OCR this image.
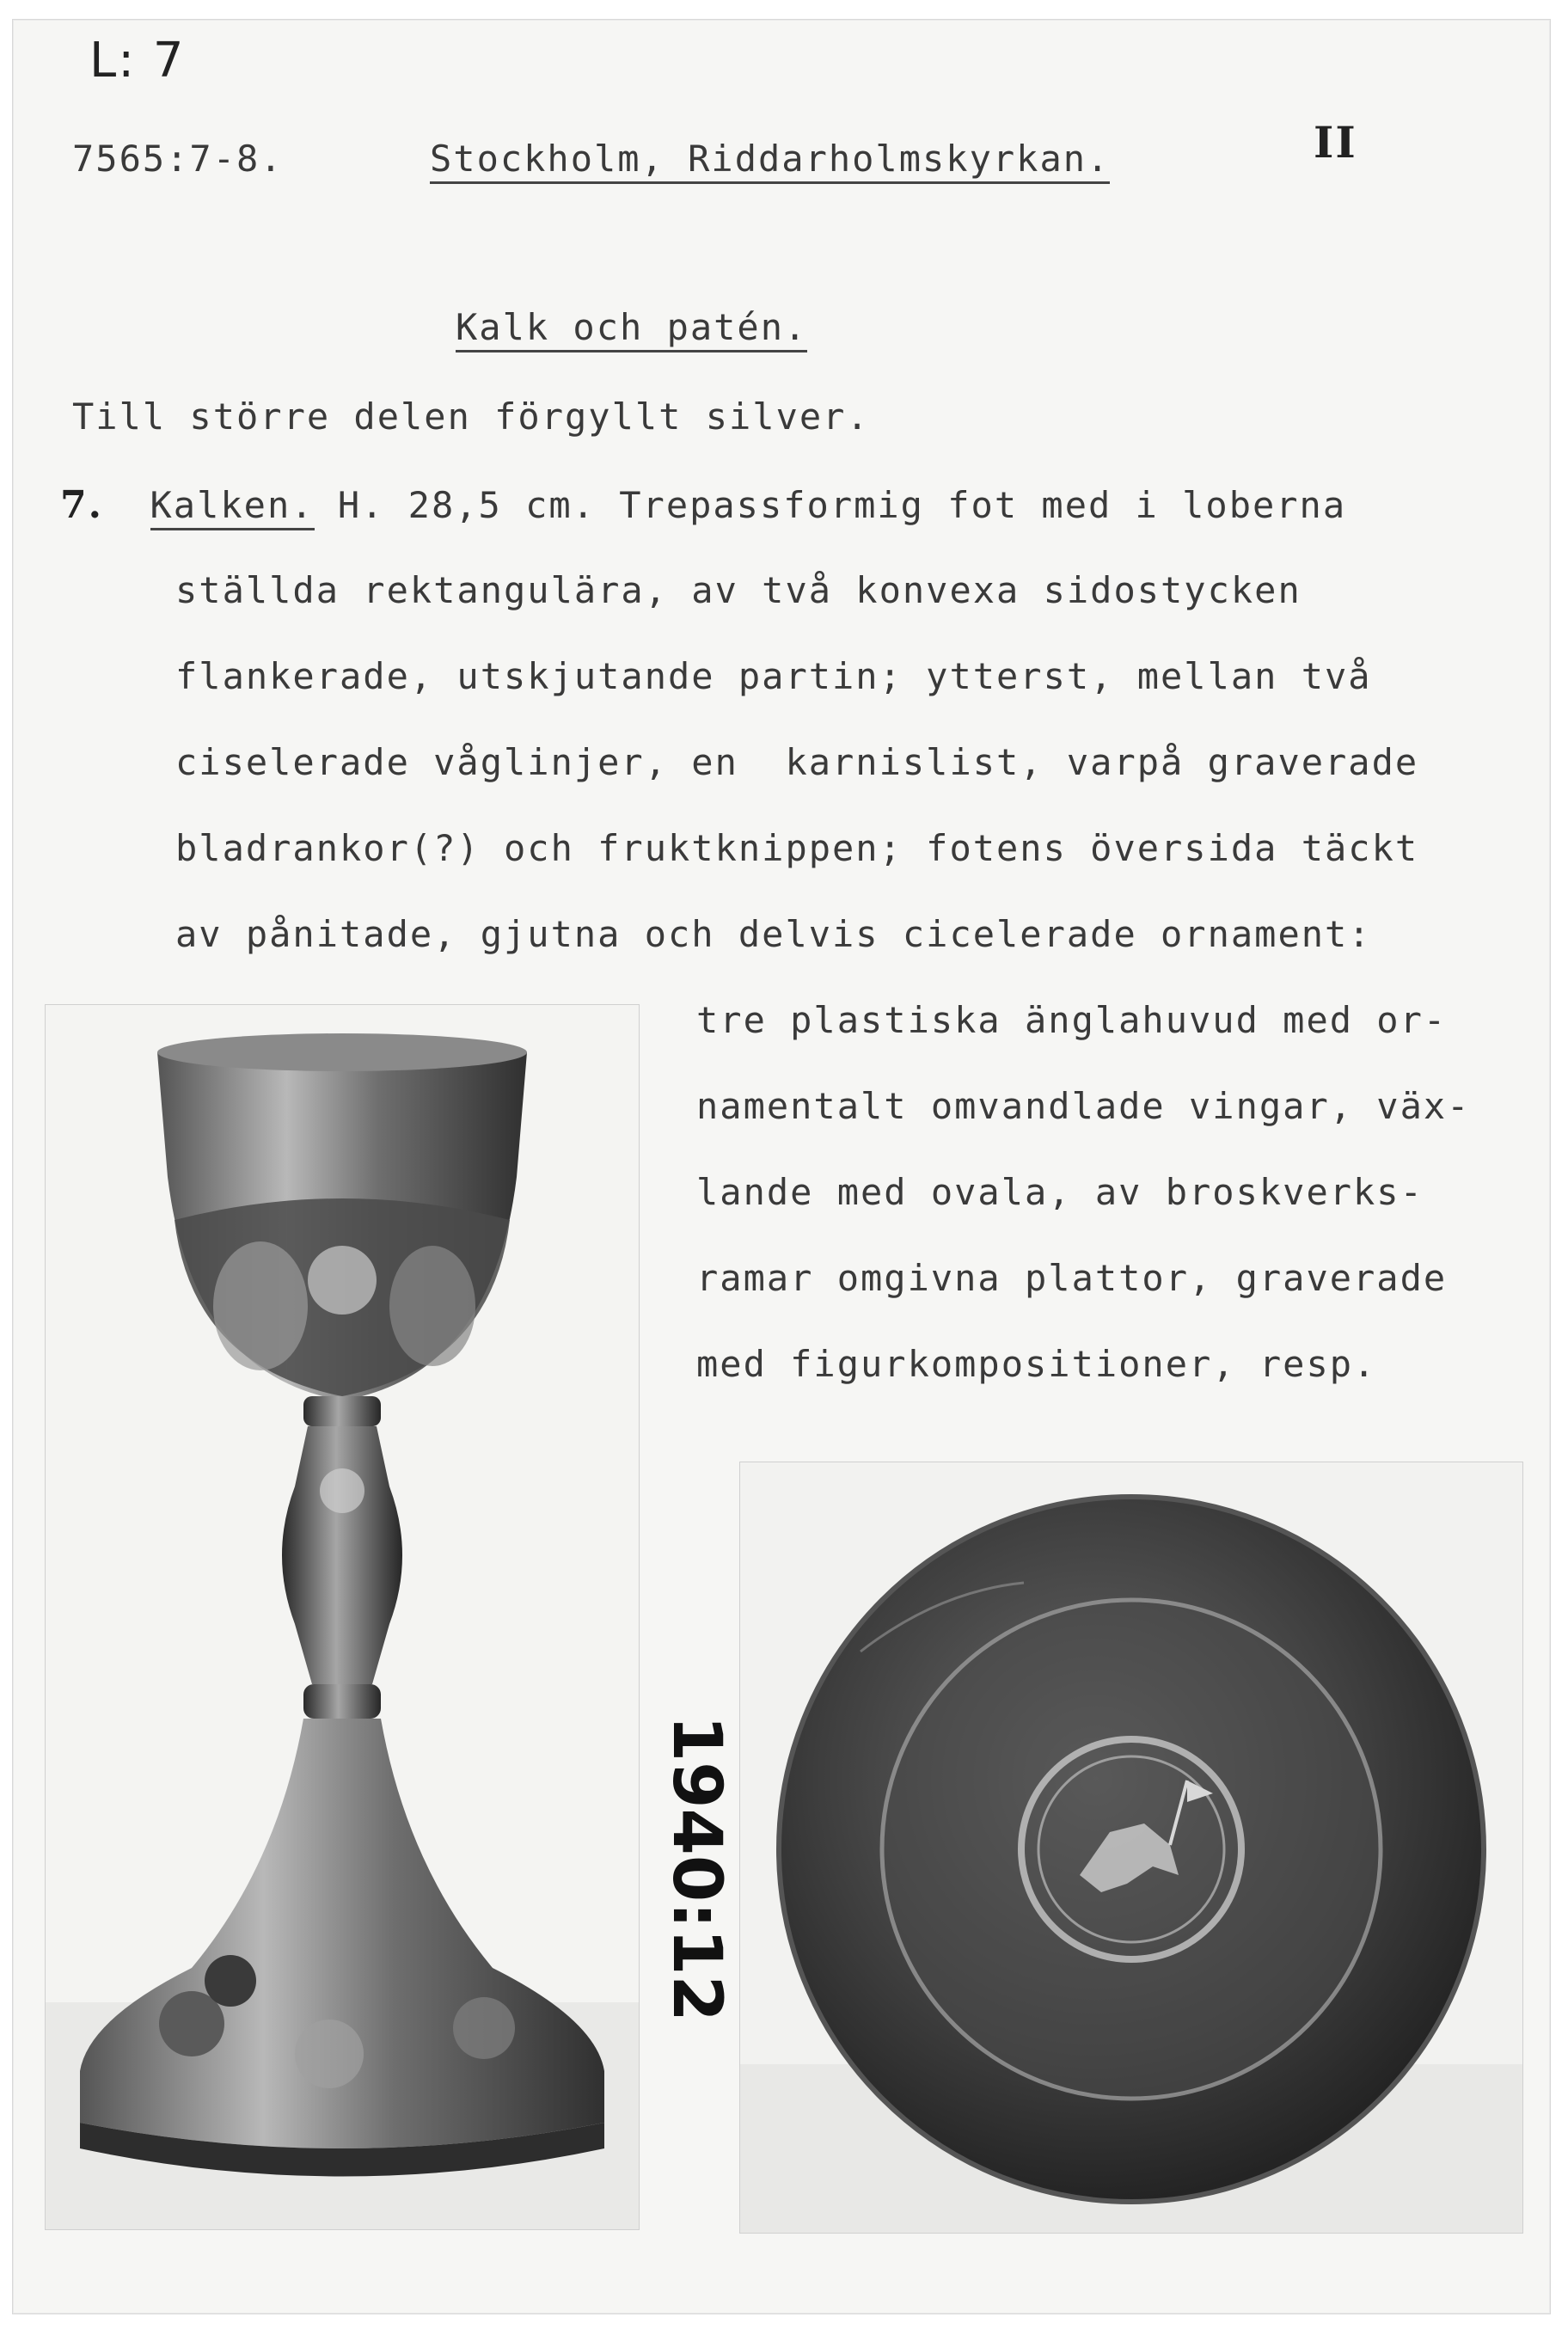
L: 7
7565:7-8.	Stockholm, Riddarholmskyrkan.	II
Kalk och patén.
Till större delen förgyllt silver.
7. Kalken. H. 28,5 cm. Trepassformig fot med i loberna
ställda rektangulära, av två konvexa sidostycken
flankerade, utskjutande partin; ytterst, mellan två
ciselerade våglinjer, en  karnislist, varpå graverade
bladrankor(?) och fruktknippen; fotens översida täckt
av pånitade, gjutna och delvis cicelerade ornament:
tre plastiska änglahuvud med or-
namentalt omvandlade vingar, väx-
lande med ovala, av broskverks-
ramar omgivna plattor, graverade
med figurkompositioner, resp.
1940:12
